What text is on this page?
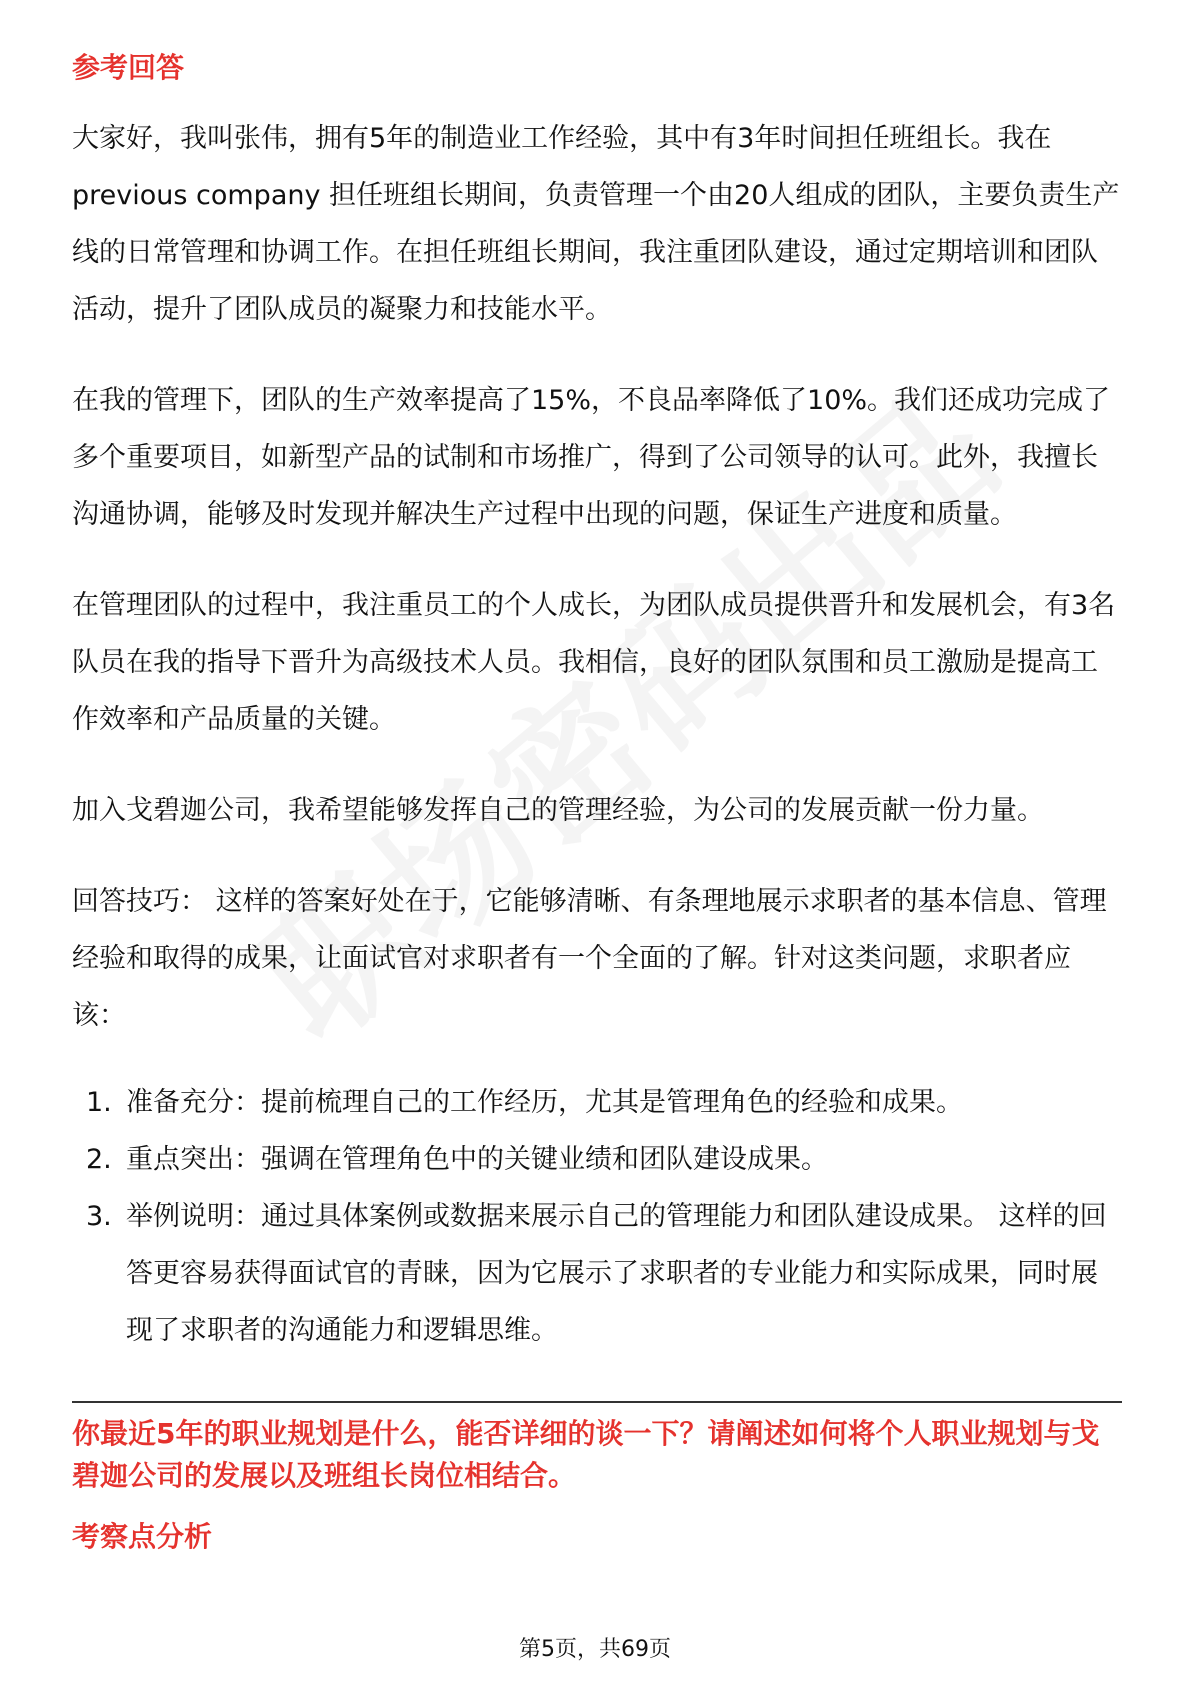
参考回答

大家好，我叫张伟，拥有5年的制造业工作经验，其中有3年时间担任班组长。我在previous company 担任班组长期间，负责管理一个由20人组成的团队，主要负责生产线的日常管理和协调工作。在担任班组长期间，我注重团队建设，通过定期培训和团队活动，提升了团队成员的凝聚力和技能水平。

在我的管理下，团队的生产效率提高了15%，不良品率降低了10%。我们还成功完成了多个重要项目，如新型产品的试制和市场推广，得到了公司领导的认可。此外，我擅长沟通协调，能够及时发现并解决生产过程中出现的问题，保证生产进度和质量。

在管理团队的过程中，我注重员工的个人成长，为团队成员提供晋升和发展机会，有3名队员在我的指导下晋升为高级技术人员。我相信，良好的团队氛围和员工激励是提高工作效率和产品质量的关键。

加入戈碧迦公司，我希望能够发挥自己的管理经验，为公司的发展贡献一份力量。

回答技巧： 这样的答案好处在于，它能够清晰、有条理地展示求职者的基本信息、管理经验和取得的成果，让面试官对求职者有一个全面的了解。针对这类问题，求职者应该：

1. 准备充分：提前梳理自己的工作经历，尤其是管理角色的经验和成果。
2. 重点突出：强调在管理角色中的关键业绩和团队建设成果。
3. 举例说明：通过具体案例或数据来展示自己的管理能力和团队建设成果。 这样的回答更容易获得面试官的青睐，因为它展示了求职者的专业能力和实际成果，同时展现了求职者的沟通能力和逻辑思维。

你最近5年的职业规划是什么，能否详细的谈一下？请阐述如何将个人职业规划与戈碧迦公司的发展以及班组长岗位相结合。

考察点分析
第5页，共69页
